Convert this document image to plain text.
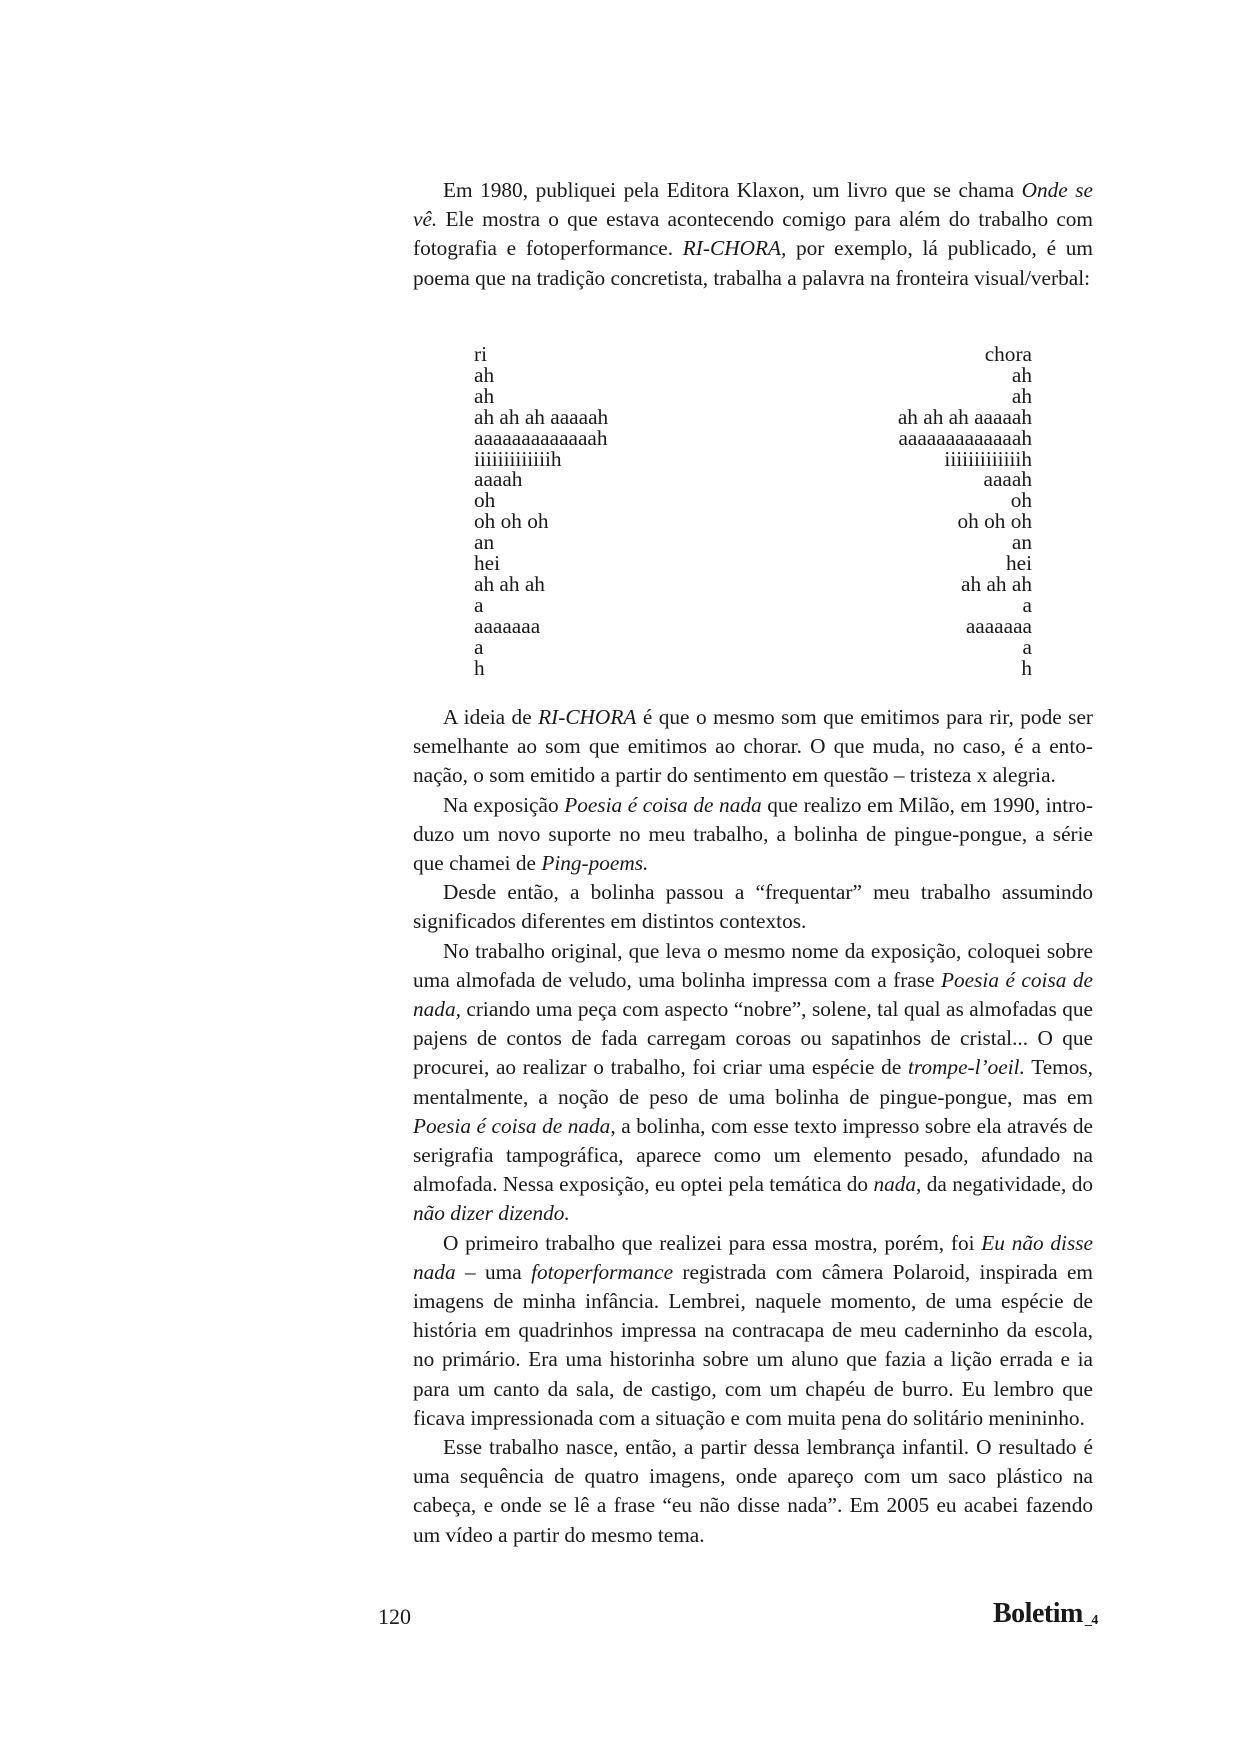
Em 1980, publiquei pela Editora Klaxon, um livro que se chama Onde se vê. Ele mostra o que estava acontecendo comigo para além do trabalho com fotografia e fotoperformance. RI-CHORA, por exemplo, lá publicado, é um poema que na tradição concretista, trabalha a palavra na fronteira visual/verbal:

ri
ah
ah
ah ah ah aaaaah
aaaaaaaaaaaaah
iiiiiiiiiiiiih
aaaah
oh
oh oh oh
an
hei
ah ah ah
a
aaaaaaa
a
h
chora
ah
ah
ah ah ah aaaaah
aaaaaaaaaaaaah
iiiiiiiiiiiiih
aaaah
oh
oh oh oh
an
hei
ah ah ah
a
aaaaaaa
a
h

A ideia de RI-CHORA é que o mesmo som que emitimos para rir, pode ser semelhante ao som que emitimos ao chorar. O que muda, no caso, é a entonação, o som emitido a partir do sentimento em questão – tristeza x alegria.

Na exposição Poesia é coisa de nada que realizo em Milão, em 1990, introduzo um novo suporte no meu trabalho, a bolinha de pingue-pongue, a série que chamei de Ping-poems.

Desde então, a bolinha passou a “frequentar” meu trabalho assumindo significados diferentes em distintos contextos.

No trabalho original, que leva o mesmo nome da exposição, coloquei sobre uma almofada de veludo, uma bolinha impressa com a frase Poesia é coisa de nada, criando uma peça com aspecto “nobre”, solene, tal qual as almofadas que pajens de contos de fada carregam coroas ou sapatinhos de cristal... O que procurei, ao realizar o trabalho, foi criar uma espécie de trompe-l’oeil. Temos, mentalmente, a noção de peso de uma bolinha de pingue-pongue, mas em Poesia é coisa de nada, a bolinha, com esse texto impresso sobre ela através de serigrafia tampográfica, aparece como um elemento pesado, afundado na almofada. Nessa exposição, eu optei pela temática do nada, da negatividade, do não dizer dizendo.

O primeiro trabalho que realizei para essa mostra, porém, foi Eu não disse nada – uma fotoperformance registrada com câmera Polaroid, inspirada em imagens de minha infância. Lembrei, naquele momento, de uma espécie de história em quadrinhos impressa na contracapa de meu caderninho da escola, no primário. Era uma historinha sobre um aluno que fazia a lição errada e ia para um canto da sala, de castigo, com um chapéu de burro. Eu lembro que ficava impressionada com a situação e com muita pena do solitário menininho.

Esse trabalho nasce, então, a partir dessa lembrança infantil. O resultado é uma sequência de quatro imagens, onde apareço com um saco plástico na cabeça, e onde se lê a frase “eu não disse nada”. Em 2005 eu acabei fazendo um vídeo a partir do mesmo tema.

120	Boletim _4
